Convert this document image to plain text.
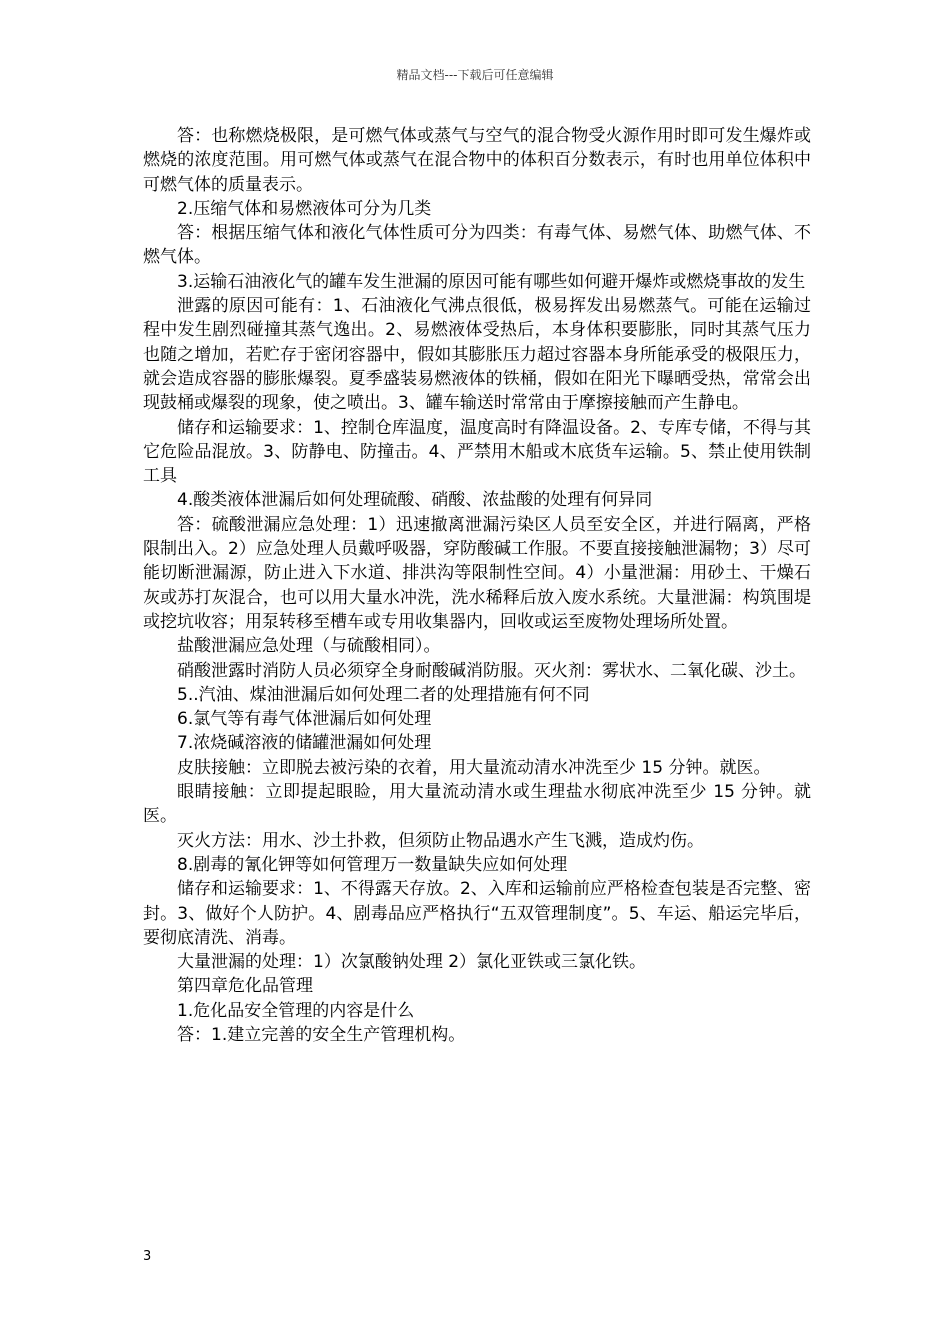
精品文档---下载后可任意编辑

答：也称燃烧极限，是可燃气体或蒸气与空气的混合物受火源作用时即可发生爆炸或燃烧的浓度范围。用可燃气体或蒸气在混合物中的体积百分数表示，有时也用单位体积中可燃气体的质量表示。

2.压缩气体和易燃液体可分为几类

答：根据压缩气体和液化气体性质可分为四类：有毒气体、易燃气体、助燃气体、不燃气体。

3.运输石油液化气的罐车发生泄漏的原因可能有哪些如何避开爆炸或燃烧事故的发生

泄露的原因可能有：1、石油液化气沸点很低，极易挥发出易燃蒸气。可能在运输过程中发生剧烈碰撞其蒸气逸出。2、易燃液体受热后，本身体积要膨胀，同时其蒸气压力也随之增加，若贮存于密闭容器中，假如其膨胀压力超过容器本身所能承受的极限压力，就会造成容器的膨胀爆裂。夏季盛装易燃液体的铁桶，假如在阳光下曝晒受热，常常会出现鼓桶或爆裂的现象，使之喷出。3、罐车输送时常常由于摩擦接触而产生静电。

储存和运输要求：1、控制仓库温度，温度高时有降温设备。2、专库专储，不得与其它危险品混放。3、防静电、防撞击。4、严禁用木船或木底货车运输。5、禁止使用铁制工具

4.酸类液体泄漏后如何处理硫酸、硝酸、浓盐酸的处理有何异同

答：硫酸泄漏应急处理：1）迅速撤离泄漏污染区人员至安全区，并进行隔离，严格限制出入。2）应急处理人员戴呼吸器，穿防酸碱工作服。不要直接接触泄漏物；3）尽可能切断泄漏源，防止进入下水道、排洪沟等限制性空间。4）小量泄漏：用砂土、干燥石灰或苏打灰混合，也可以用大量水冲洗，洗水稀释后放入废水系统。大量泄漏：构筑围堤或挖坑收容；用泵转移至槽车或专用收集器内，回收或运至废物处理场所处置。

盐酸泄漏应急处理（与硫酸相同）。

硝酸泄露时消防人员必须穿全身耐酸碱消防服。灭火剂：雾状水、二氧化碳、沙土。

5..汽油、煤油泄漏后如何处理二者的处理措施有何不同

6.氯气等有毒气体泄漏后如何处理

7.浓烧碱溶液的储罐泄漏如何处理

皮肤接触：立即脱去被污染的衣着，用大量流动清水冲洗至少 15 分钟。就医。

眼睛接触：立即提起眼睑，用大量流动清水或生理盐水彻底冲洗至少 15 分钟。就医。

灭火方法：用水、沙土扑救，但须防止物品遇水产生飞溅，造成灼伤。

8.剧毒的氰化钾等如何管理万一数量缺失应如何处理

储存和运输要求：1、不得露天存放。2、入库和运输前应严格检查包装是否完整、密封。3、做好个人防护。4、剧毒品应严格执行“五双管理制度”。5、车运、船运完毕后，要彻底清洗、消毒。

大量泄漏的处理：1）次氯酸钠处理 2）氯化亚铁或三氯化铁。

第四章危化品管理

1.危化品安全管理的内容是什么

答：1.建立完善的安全生产管理机构。

3
